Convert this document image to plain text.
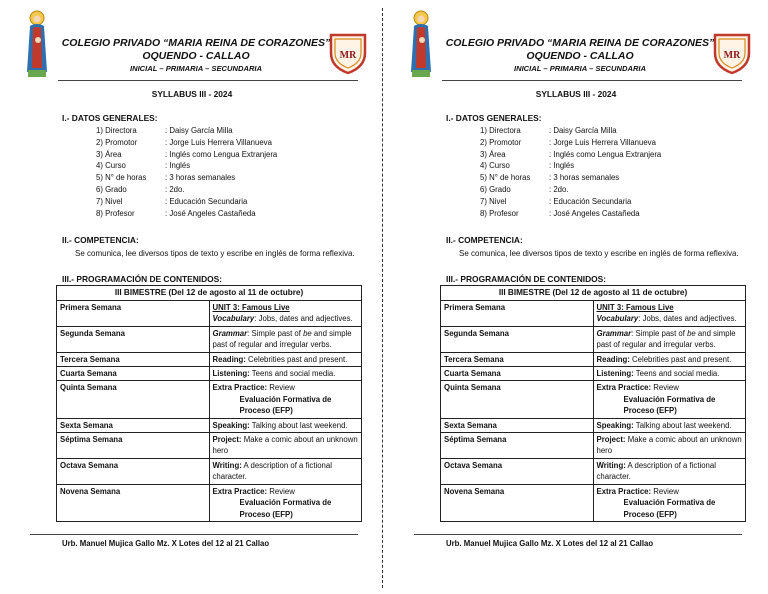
MR
COLEGIO PRIVADO “MARIA REINA DE CORAZONES”
OQUENDO - CALLAO
INICIAL – PRIMARIA – SECUNDARIA
SYLLABUS III - 2024
I.- DATOS GENERALES:
1) Directora	: Daisy García Milla
2) Promotor	: Jorge Luis Herrera Villanueva
3) Área	: Inglés como Lengua Extranjera
4) Curso	: Inglés
5) N° de horas : 3 horas semanales
6) Grado	: 2do.
7) Nivel	: Educación Secundaria
8) Profesor	: José Angeles Castañeda
II.- COMPETENCIA:
Se comunica, lee diversos tipos de texto y escribe en inglés de forma reflexiva.
III.- PROGRAMACIÓN DE CONTENIDOS:
III BIMESTRE (Del 12 de agosto al 11 de octubre)	
Primera Semana	UNIT 3: Famous Live
Vocabulary: Jobs, dates and adjectives.
Segunda Semana	Grammar: Simple past of be and simple past of regular and irregular verbs.
Tercera Semana	Reading: Celebrities past and present.
Cuarta Semana	Listening: Teens and social media.
Quinta Semana	Extra Practice: Review
Evaluación Formativa de Proceso (EFP)

Sexta Semana	Speaking: Talking about last weekend.
Séptima Semana	Project: Make a comic about an unknown hero
Octava Semana	Writing: A description of a fictional character.
Novena Semana	Extra Practice: Review
Evaluación Formativa de Proceso (EFP)
Urb. Manuel Mujica Gallo Mz. X Lotes del 12 al 21 Callao
MR
COLEGIO PRIVADO “MARIA REINA DE CORAZONES”
OQUENDO - CALLAO
INICIAL – PRIMARIA – SECUNDARIA
SYLLABUS III - 2024
I.- DATOS GENERALES:
1) Directora	: Daisy García Milla
2) Promotor	: Jorge Luis Herrera Villanueva
3) Área	: Inglés como Lengua Extranjera
4) Curso	: Inglés
5) N° de horas : 3 horas semanales
6) Grado	: 2do.
7) Nivel	: Educación Secundaria
8) Profesor	: José Angeles Castañeda
II.- COMPETENCIA:
Se comunica, lee diversos tipos de texto y escribe en inglés de forma reflexiva.
III.- PROGRAMACIÓN DE CONTENIDOS:
III BIMESTRE (Del 12 de agosto al 11 de octubre)	
Primera Semana	UNIT 3: Famous Live
Vocabulary: Jobs, dates and adjectives.
Segunda Semana	Grammar: Simple past of be and simple past of regular and irregular verbs.
Tercera Semana	Reading: Celebrities past and present.
Cuarta Semana	Listening: Teens and social media.
Quinta Semana	Extra Practice: Review
Evaluación Formativa de Proceso (EFP)

Sexta Semana	Speaking: Talking about last weekend.
Séptima Semana	Project: Make a comic about an unknown hero
Octava Semana	Writing: A description of a fictional character.
Novena Semana	Extra Practice: Review
Evaluación Formativa de Proceso (EFP)
Urb. Manuel Mujica Gallo Mz. X Lotes del 12 al 21 Callao
